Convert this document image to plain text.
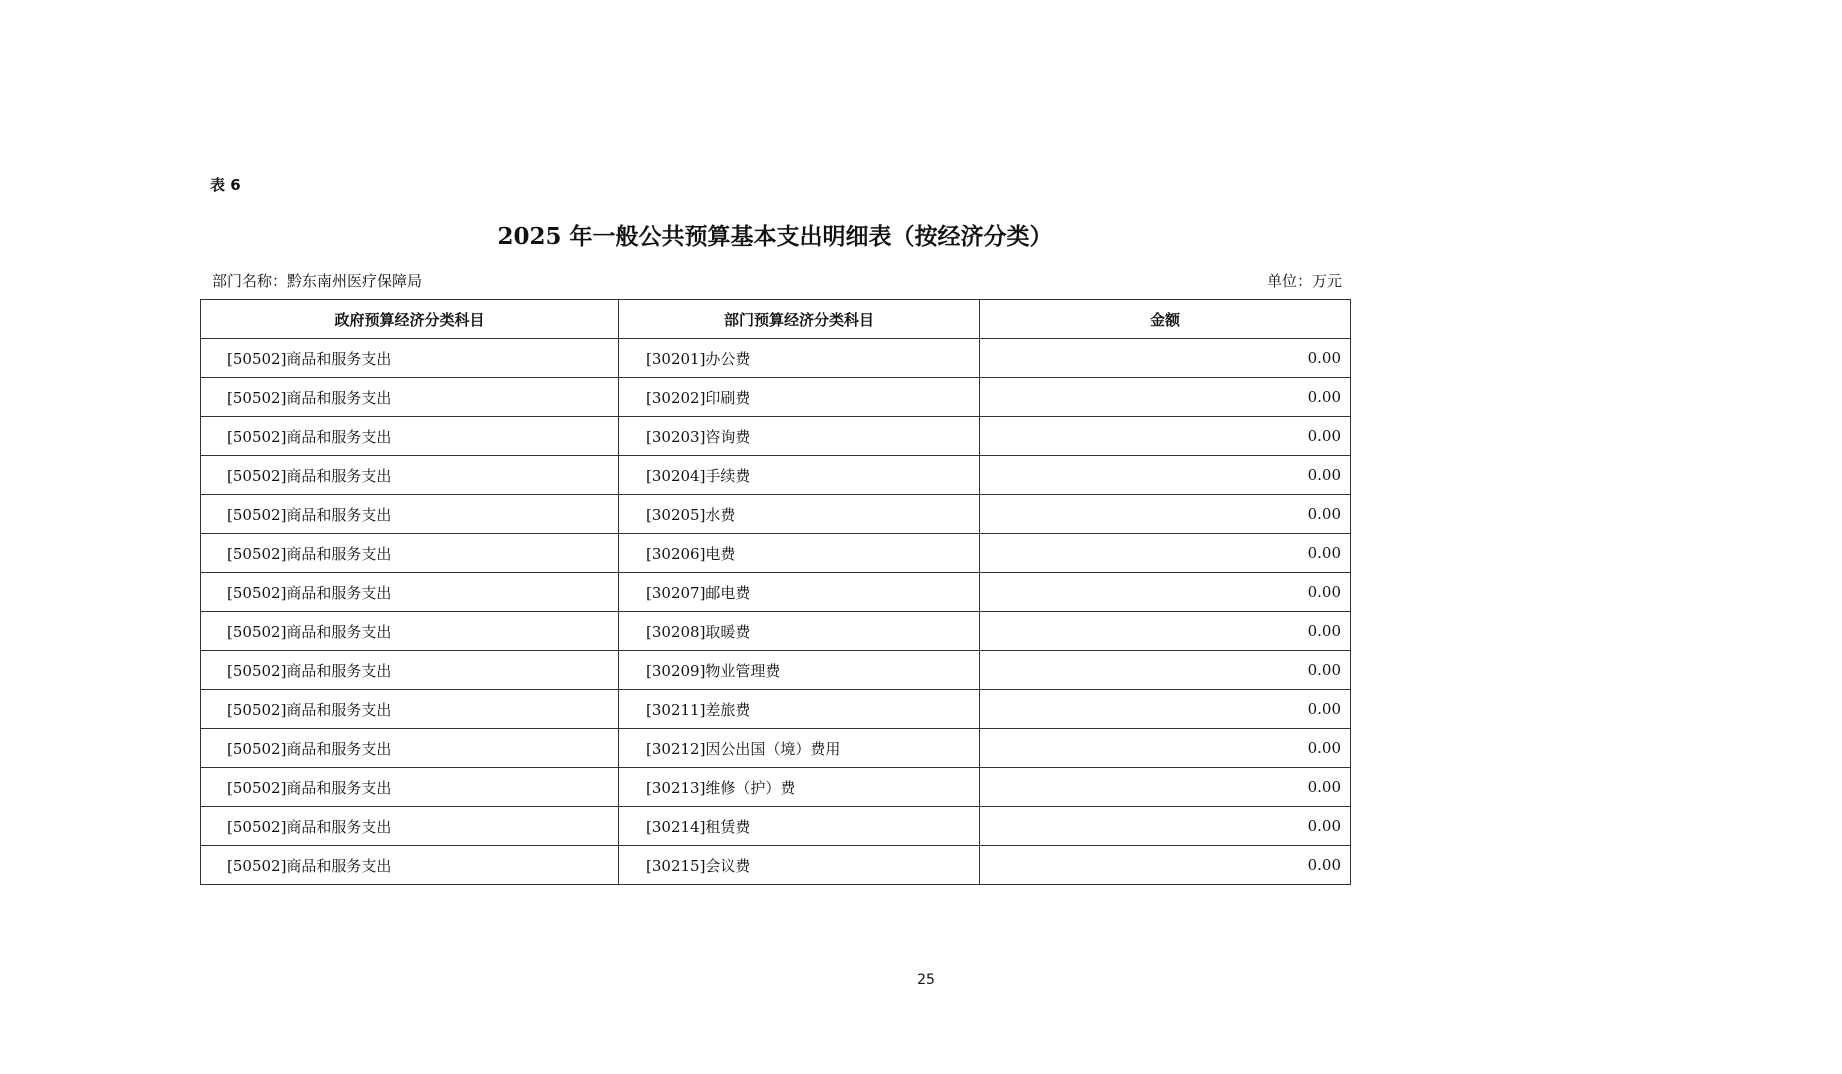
表 6
2025 年一般公共预算基本支出明细表（按经济分类）
部门名称： 黔东南州医疗保障局	单位： 万元
政府预算经济分类科目	部门预算经济分类科目	金额
[50502]商品和服务支出	[30201]办公费	0.00
[50502]商品和服务支出	[30202]印刷费	0.00
[50502]商品和服务支出	[30203]咨询费	0.00
[50502]商品和服务支出	[30204]手续费	0.00
[50502]商品和服务支出	[30205]水费	0.00
[50502]商品和服务支出	[30206]电费	0.00
[50502]商品和服务支出	[30207]邮电费	0.00
[50502]商品和服务支出	[30208]取暖费	0.00
[50502]商品和服务支出	[30209]物业管理费	0.00
[50502]商品和服务支出	[30211]差旅费	0.00
[50502]商品和服务支出	[30212]因公出国（境）费用	0.00
[50502]商品和服务支出	[30213]维修（护）费	0.00
[50502]商品和服务支出	[30214]租赁费	0.00
[50502]商品和服务支出	[30215]会议费	0.00
25
